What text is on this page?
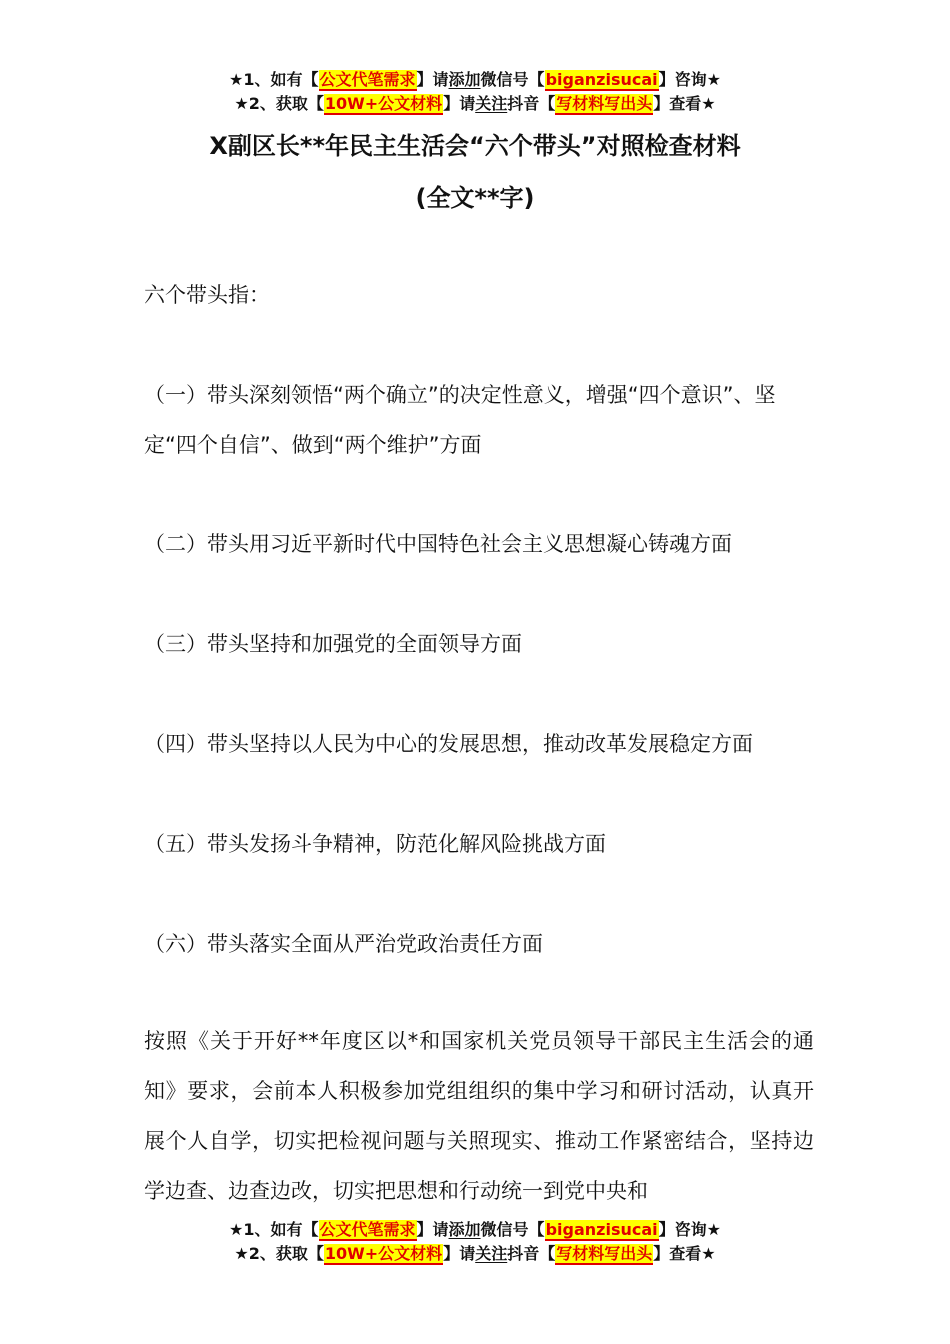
★1、如有【公文代笔需求】请添加微信号【biganzisucai】咨询★
★2、获取【10W+公文材料】请关注抖音【写材料写出头】查看★
X副区长**年民主生活会“六个带头”对照检查材料
(全文**字)
六个带头指：
（一）带头深刻领悟“两个确立”的决定性意义，增强“四个意识”、坚定“四个自信”、做到“两个维护”方面
（二）带头用习近平新时代中国特色社会主义思想凝心铸魂方面
（三）带头坚持和加强党的全面领导方面
（四）带头坚持以人民为中心的发展思想，推动改革发展稳定方面
（五）带头发扬斗争精神，防范化解风险挑战方面
（六）带头落实全面从严治党政治责任方面
按照《关于开好**年度区以*和国家机关党员领导干部民主生活会的通知》要求，会前本人积极参加党组组织的集中学习和研讨活动，认真开展个人自学，切实把检视问题与关照现实、推动工作紧密结合，坚持边学边查、边查边改，切实把思想和行动统一到党中央和
★1、如有【公文代笔需求】请添加微信号【biganzisucai】咨询★
★2、获取【10W+公文材料】请关注抖音【写材料写出头】查看★
